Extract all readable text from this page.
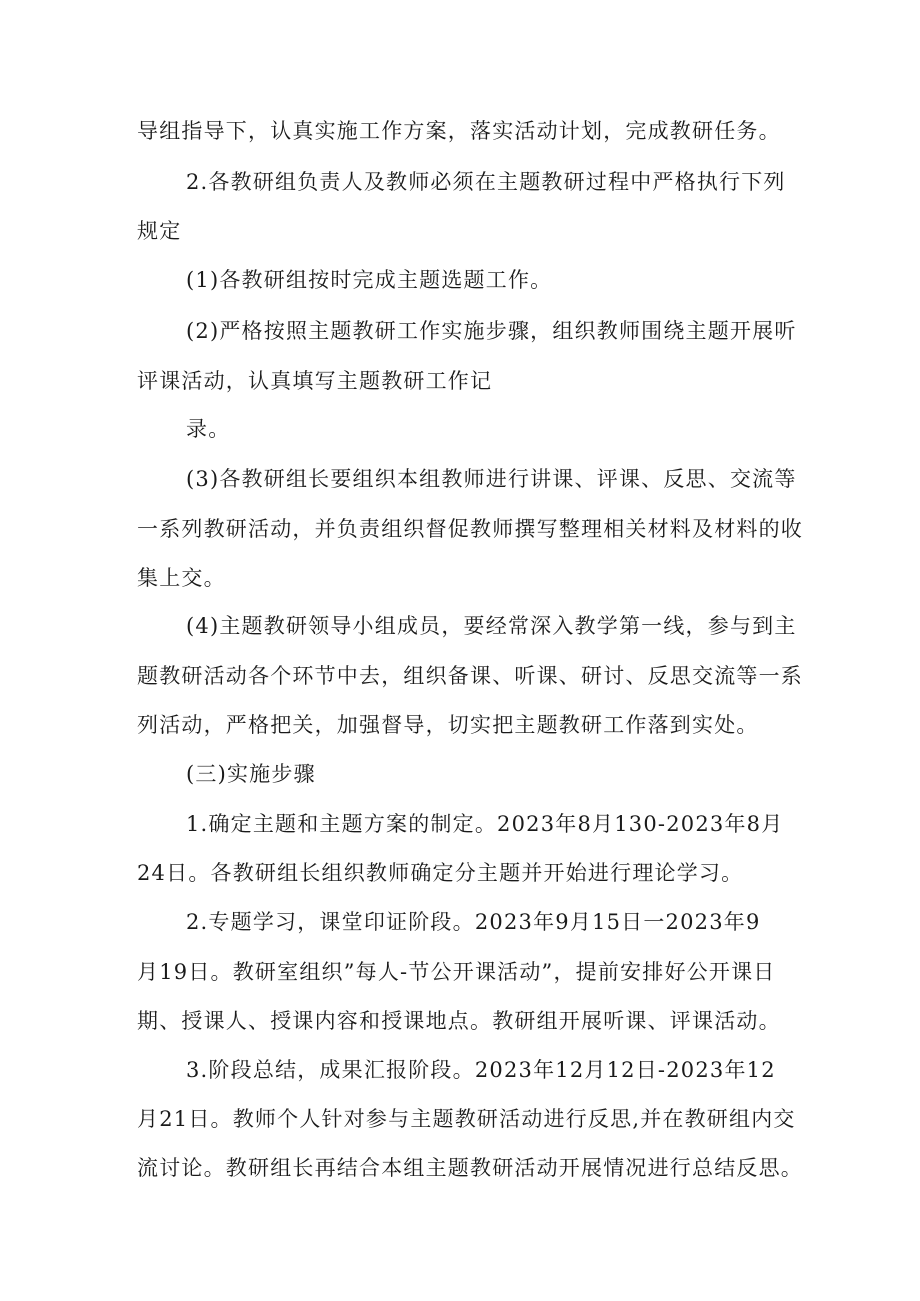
导组指导下，认真实施工作方案，落实活动计划，完成教研任务。
2.各教研组负责人及教师必须在主题教研过程中严格执行下列
规定
(1)各教研组按时完成主题选题工作。
(2)严格按照主题教研工作实施步骤，组织教师围绕主题开展听
评课活动，认真填写主题教研工作记
录。
(3)各教研组长要组织本组教师进行讲课、评课、反思、交流等
一系列教研活动，并负责组织督促教师撰写整理相关材料及材料的收
集上交。
(4)主题教研领导小组成员，要经常深入教学第一线，参与到主
题教研活动各个环节中去，组织备课、听课、研讨、反思交流等一系
列活动，严格把关，加强督导，切实把主题教研工作落到实处。
(三)实施步骤
1.确定主题和主题方案的制定。2023年8月130-2023年8月
24日。各教研组长组织教师确定分主题并开始进行理论学习。
2.专题学习，课堂印证阶段。2023年9月15日一2023年9
月19日。教研室组织”每人-节公开课活动”，提前安排好公开课日
期、授课人、授课内容和授课地点。教研组开展听课、评课活动。
3.阶段总结，成果汇报阶段。2023年12月12日-2023年12
月21日。教师个人针对参与主题教研活动进行反思,并在教研组内交
流讨论。教研组长再结合本组主题教研活动开展情况进行总结反思。
